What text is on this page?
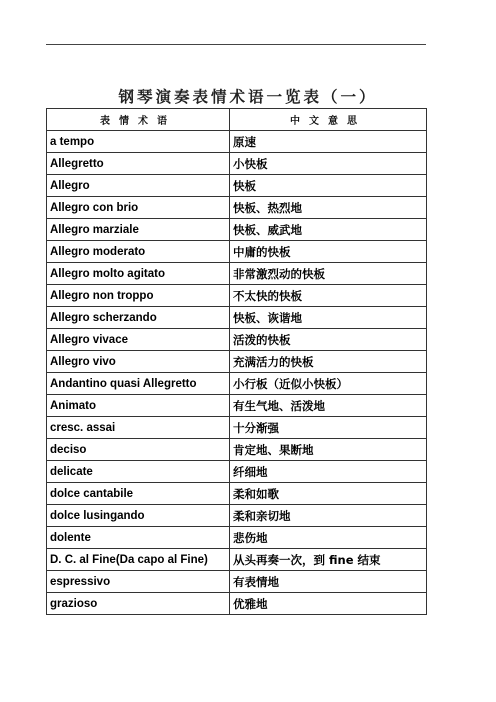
钢琴演奏表情术语一览表（一）
表情术语	中文意思
a tempo	原速
Allegretto	小快板
Allegro	快板
Allegro con brio	快板、热烈地
Allegro marziale	快板、威武地
Allegro moderato	中庸的快板
Allegro molto agitato	非常激烈动的快板
Allegro non troppo	不太快的快板
Allegro scherzando	快板、诙谐地
Allegro vivace	活泼的快板
Allegro vivo	充满活力的快板
Andantino quasi Allegretto	小行板（近似小快板）
Animato	有生气地、活泼地
cresc. assai	十分渐强
deciso	肯定地、果断地
delicate	纤细地
dolce cantabile	柔和如歌
dolce lusingando	柔和亲切地
dolente	悲伤地
D. C. al Fine(Da capo al Fine)	从头再奏一次，到 fine 结束
espressivo	有表情地
grazioso	优雅地
